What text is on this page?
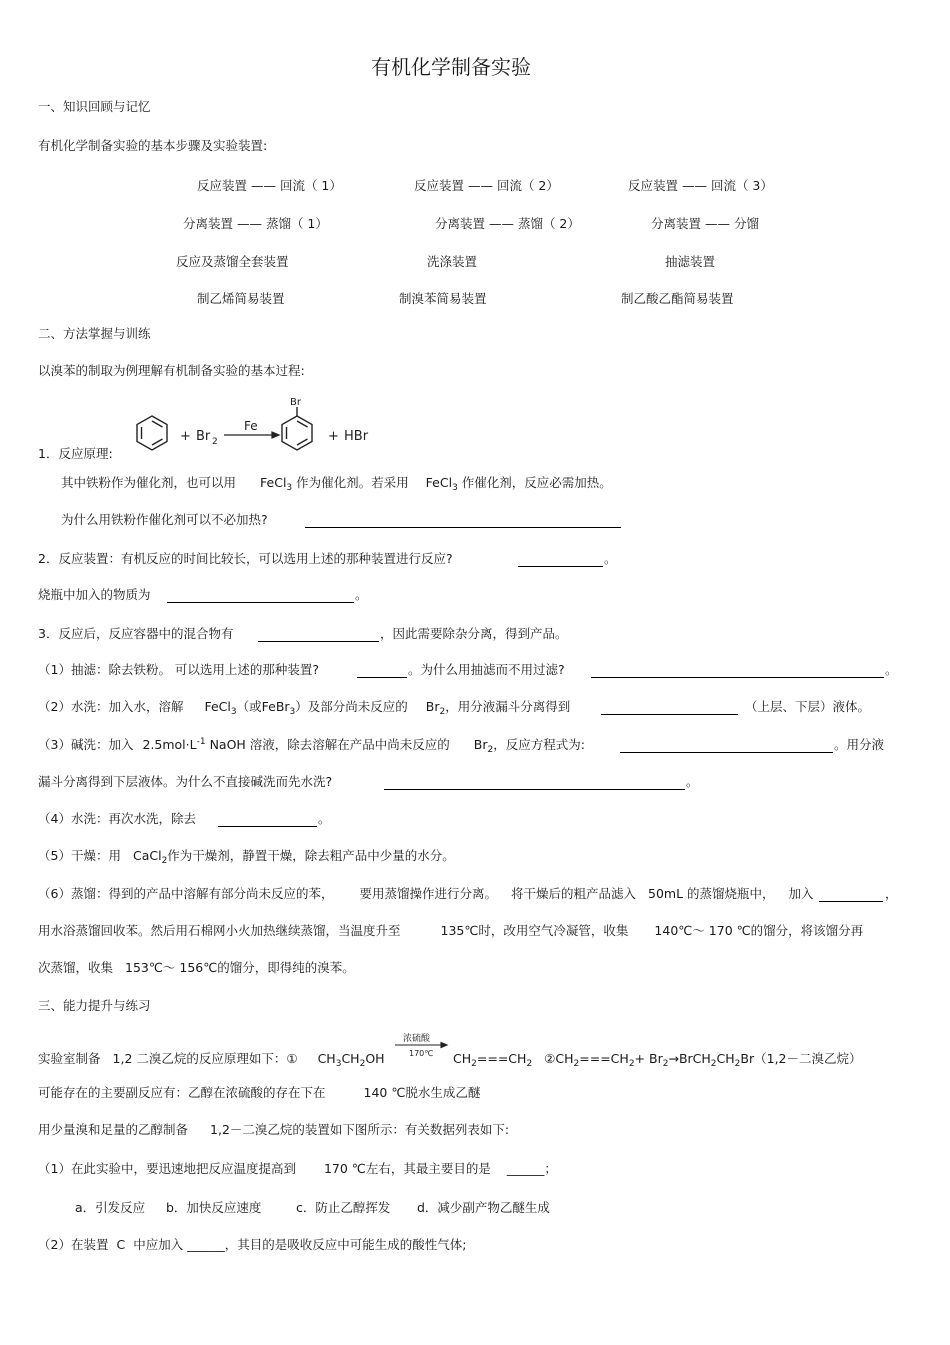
有机化学制备实验
一、知识回顾与记忆
有机化学制备实验的基本步骤及实验装置:
反应装置 —— 回流（ 1）	反应装置 —— 回流（ 2）	反应装置 —— 回流（ 3）
分离装置 —— 蒸馏（ 1）	分离装置 —— 蒸馏（ 2）	分离装置 —— 分馏
反应及蒸馏全套装置	洗涤装置	抽滤装置
制乙烯简易装置	制溴苯简易装置	制乙酸乙酯简易装置
二、方法掌握与训练
以溴苯的制取为例理解有机制备实验的基本过程:
1．反应原理:
+ Br 2
Fe
Br
+ HBr
其中铁粉作为催化剂，也可以用 FeCl$_3$ 作为催化剂。若采用 FeCl$_3$ 作催化剂，反应必需加热。
为什么用铁粉作催化剂可以不必加热?
2．反应装置：有机反应的时间比较长，可以选用上述的那种装置进行反应?	。
烧瓶中加入的物质为	。
3．反应后，反应容器中的混合物有	，因此需要除杂分离，得到产品。
（1）抽滤：除去铁粉。 可以选用上述的那种装置?	。为什么用抽滤而不用过滤?	。
（2）水洗：加入水，溶解 FeCl$_3$（或FeBr$_3$）及部分尚未反应的 $Br_2$，用分液漏斗分离得到	（上层、下层）液体。
（3）碱洗：加入 $2.5mol\cdot L^{-1}$ NaOH 溶液，除去溶解在产品中尚未反应的 $Br_2$，反应方程式为:	。用分液
漏斗分离得到下层液体。为什么不直接碱洗而先水洗?	。
（4）水洗：再次水洗，除去	。
（5）干燥：用 CaCl$_2$作为干燥剂，静置干燥，除去粗产品中少量的水分。
（6）蒸馏：得到的产品中溶解有部分尚未反应的苯， 要用蒸馏操作进行分离。 将干燥后的粗产品滤入 50mL 的蒸馏烧瓶中， 加入	，
用水浴蒸馏回收苯。然后用石棉网小火加热继续蒸馏，当温度升至	135℃时，改用空气冷凝管，收集 140℃～ 170 ℃的馏分，将该馏分再
次蒸馏，收集 153℃～ 156℃的馏分，即得纯的溴苯。
三、能力提升与练习
实验室制备 1,2 二溴乙烷的反应原理如下：① $CH_3CH_2OH$
浓硫酸
170℃ $CH_2===CH_2$ $②CH_2===CH_2+$ $Br_2\to BrCH_2CH_2Br(1,2-$二溴乙烷）
可能存在的主要副反应有：乙醇在浓硫酸的存在下在	140 ℃脱水生成乙醚
用少量溴和足量的乙醇制备 1,2－二溴乙烷的装置如下图所示：有关数据列表如下:
（1）在此实验中，要迅速地把反应温度提高到 170 ℃左右，其最主要目的是 ______；
a．引发反应 b．加快反应速度	c．防止乙醇挥发 d．减少副产物乙醚生成
（2）在装置 C 中应加入 ______，其目的是吸收反应中可能生成的酸性气体;
